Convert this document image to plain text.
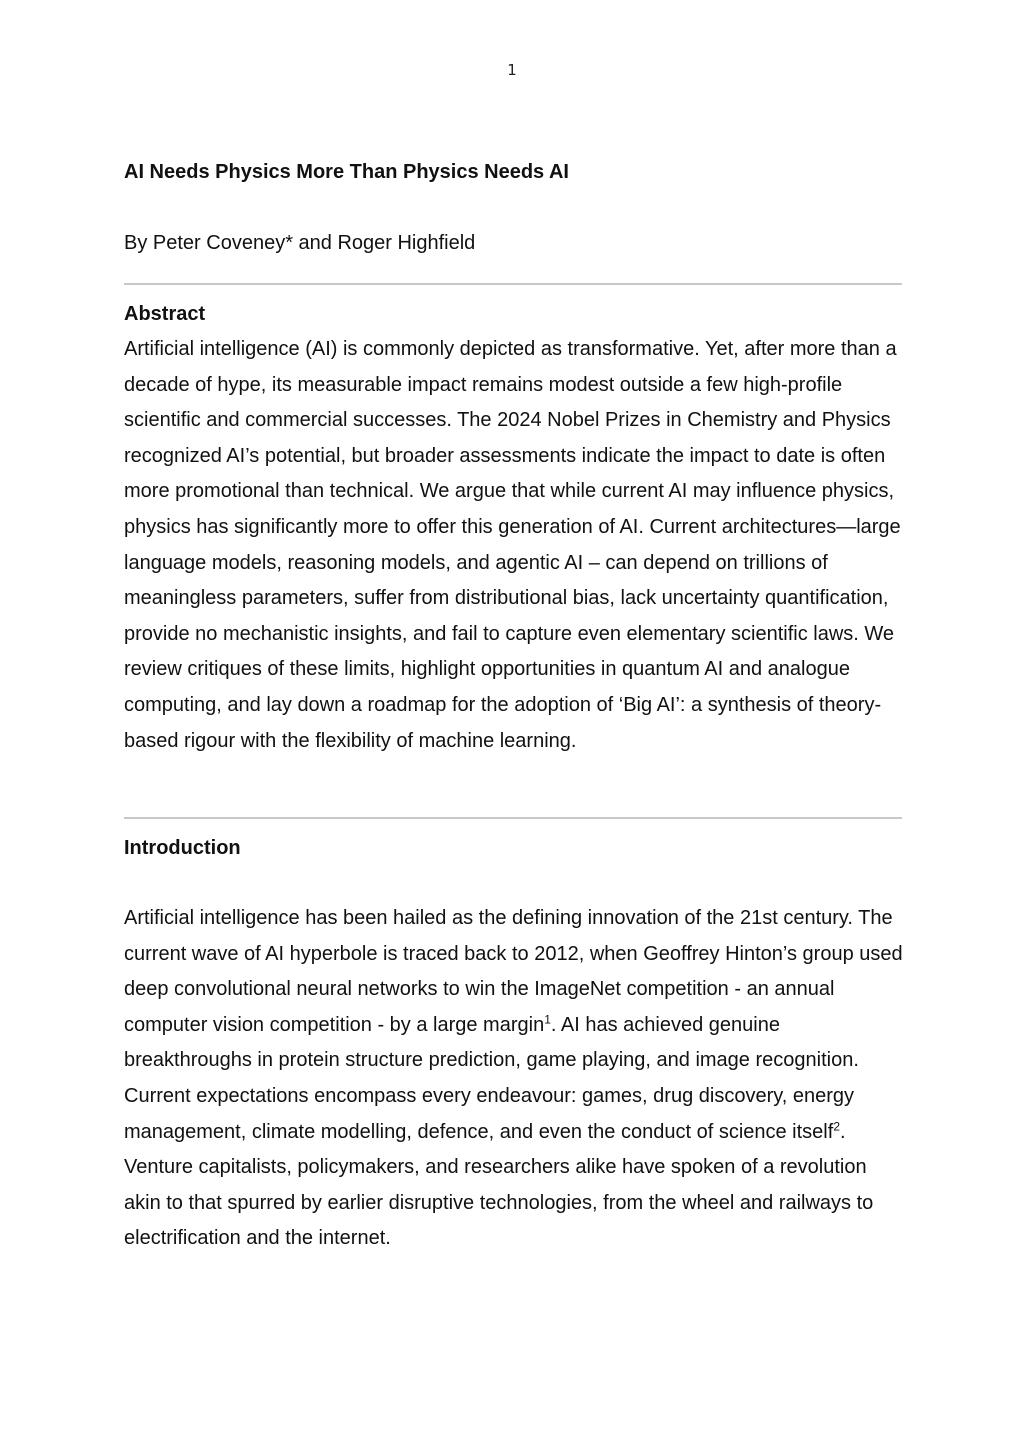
1
AI Needs Physics More Than Physics Needs AI

By Peter Coveney* and Roger Highfield

Abstract

Artificial intelligence (AI) is commonly depicted as transformative. Yet, after more than a decade of hype, its measurable impact remains modest outside a few high-profile scientific and commercial successes. The 2024 Nobel Prizes in Chemistry and Physics recognized AI’s potential, but broader assessments indicate the impact to date is often more promotional than technical. We argue that while current AI may influence physics, physics has significantly more to offer this generation of AI. Current architectures—large language models, reasoning models, and agentic AI – can depend on trillions of meaningless parameters, suffer from distributional bias, lack uncertainty quantification, provide no mechanistic insights, and fail to capture even elementary scientific laws. We review critiques of these limits, highlight opportunities in quantum AI and analogue computing, and lay down a roadmap for the adoption of ‘Big AI’: a synthesis of theory-based rigour with the flexibility of machine learning.

Introduction

Artificial intelligence has been hailed as the defining innovation of the 21st century. The current wave of AI hyperbole is traced back to 2012, when Geoffrey Hinton’s group used deep convolutional neural networks to win the ImageNet competition - an annual computer vision competition - by a large margin$^1$. AI has achieved genuine breakthroughs in protein structure prediction, game playing, and image recognition. Current expectations encompass every endeavour: games, drug discovery, energy management, climate modelling, defence, and even the conduct of science itself$^2$. Venture capitalists, policymakers, and researchers alike have spoken of a revolution akin to that spurred by earlier disruptive technologies, from the wheel and railways to electrification and the internet.
